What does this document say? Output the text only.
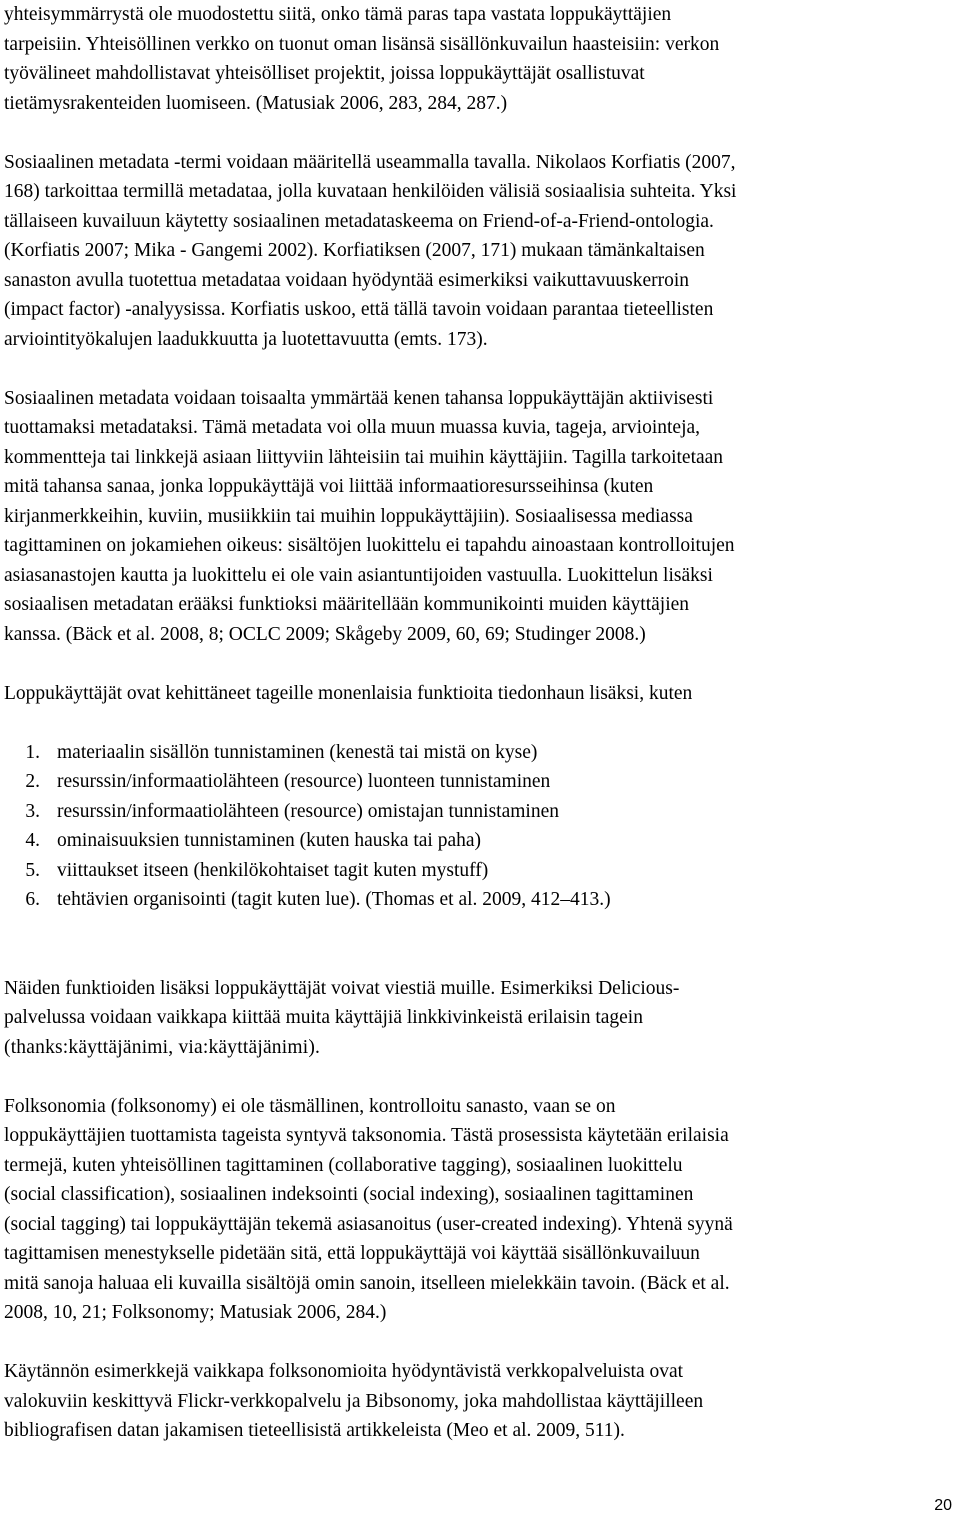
yhteisymmärrystä ole muodostettu siitä, onko tämä paras tapa vastata loppukäyttäjien
tarpeisiin. Yhteisöllinen verkko on tuonut oman lisänsä sisällönkuvailun haasteisiin: verkon
työvälineet mahdollistavat yhteisölliset projektit, joissa loppukäyttäjät osallistuvat
tietämysrakenteiden luomiseen. (Matusiak 2006, 283, 284, 287.)

Sosiaalinen metadata -termi voidaan määritellä useammalla tavalla. Nikolaos Korfiatis (2007,
168) tarkoittaa termillä metadataa, jolla kuvataan henkilöiden välisiä sosiaalisia suhteita. Yksi
tällaiseen kuvailuun käytetty sosiaalinen metadataskeema on Friend-of-a-Friend-ontologia.
(Korfiatis 2007; Mika - Gangemi 2002). Korfiatiksen (2007, 171) mukaan tämänkaltaisen
sanaston avulla tuotettua metadataa voidaan hyödyntää esimerkiksi vaikuttavuuskerroin
(impact factor) -analyysissa. Korfiatis uskoo, että tällä tavoin voidaan parantaa tieteellisten
arviointityökalujen laadukkuutta ja luotettavuutta (emts. 173).

Sosiaalinen metadata voidaan toisaalta ymmärtää kenen tahansa loppukäyttäjän aktiivisesti
tuottamaksi metadataksi. Tämä metadata voi olla muun muassa kuvia, tageja, arviointeja,
kommentteja tai linkkejä asiaan liittyviin lähteisiin tai muihin käyttäjiin. Tagilla tarkoitetaan
mitä tahansa sanaa, jonka loppukäyttäjä voi liittää informaatioresursseihinsa (kuten
kirjanmerkkeihin, kuviin, musiikkiin tai muihin loppukäyttäjiin). Sosiaalisessa mediassa
tagittaminen on jokamiehen oikeus: sisältöjen luokittelu ei tapahdu ainoastaan kontrolloitujen
asiasanastojen kautta ja luokittelu ei ole vain asiantuntijoiden vastuulla. Luokittelun lisäksi
sosiaalisen metadatan erääksi funktioksi määritellään kommunikointi muiden käyttäjien
kanssa. (Bäck et al. 2008, 8; OCLC 2009; Skågeby 2009, 60, 69; Studinger 2008.)

Loppukäyttäjät ovat kehittäneet tageille monenlaisia funktioita tiedonhaun lisäksi, kuten

1. materiaalin sisällön tunnistaminen (kenestä tai mistä on kyse)
2. resurssin/informaatiolähteen (resource) luonteen tunnistaminen
3. resurssin/informaatiolähteen (resource) omistajan tunnistaminen
4. ominaisuuksien tunnistaminen (kuten hauska tai paha)
5. viittaukset itseen (henkilökohtaiset tagit kuten mystuff)
6. tehtävien organisointi (tagit kuten lue). (Thomas et al. 2009, 412–413.)

Näiden funktioiden lisäksi loppukäyttäjät voivat viestiä muille. Esimerkiksi Delicious-
palvelussa voidaan vaikkapa kiittää muita käyttäjiä linkkivinkeistä erilaisin tagein
(thanks:käyttäjänimi, via:käyttäjänimi).

Folksonomia (folksonomy) ei ole täsmällinen, kontrolloitu sanasto, vaan se on
loppukäyttäjien tuottamista tageista syntyvä taksonomia. Tästä prosessista käytetään erilaisia
termejä, kuten yhteisöllinen tagittaminen (collaborative tagging), sosiaalinen luokittelu
(social classification), sosiaalinen indeksointi (social indexing), sosiaalinen tagittaminen
(social tagging) tai loppukäyttäjän tekemä asiasanoitus (user-created indexing). Yhtenä syynä
tagittamisen menestykselle pidetään sitä, että loppukäyttäjä voi käyttää sisällönkuvailuun
mitä sanoja haluaa eli kuvailla sisältöjä omin sanoin, itselleen mielekkäin tavoin. (Bäck et al.
2008, 10, 21; Folksonomy; Matusiak 2006, 284.)

Käytännön esimerkkejä vaikkapa folksonomioita hyödyntävistä verkkopalveluista ovat
valokuviin keskittyvä Flickr-verkkopalvelu ja Bibsonomy, joka mahdollistaa käyttäjilleen
bibliografisen datan jakamisen tieteellisistä artikkeleista (Meo et al. 2009, 511).

20
